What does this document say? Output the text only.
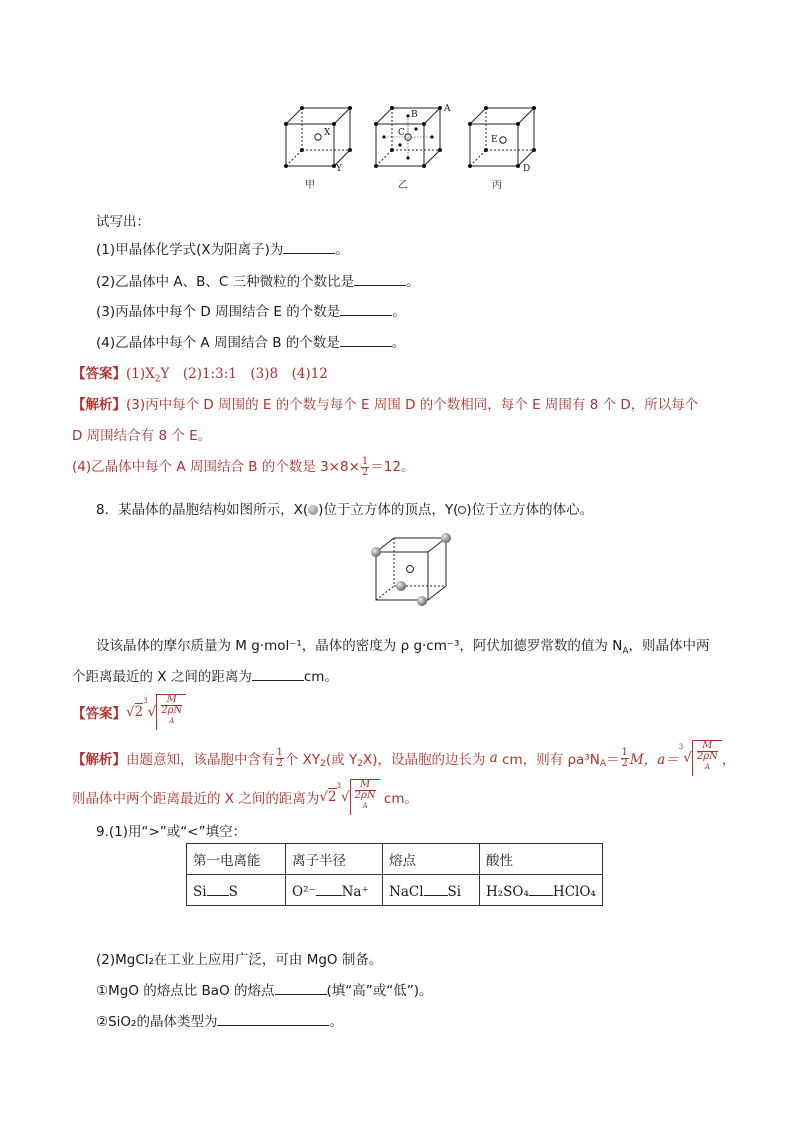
X
Y
甲
A
B
C
乙
E
D
丙
试写出：
(1)甲晶体化学式(X为阳离子)为	。
(2)乙晶体中 A、B、C 三种微粒的个数比是	。
(3)丙晶体中每个 D 周围结合 E 的个数是	。
(4)乙晶体中每个 A 周围结合 B 的个数是	。
【答案】$(1)X_2Y$　(2)1:3:1　(3)8　(4)12
【解析】(3)丙中每个 D 周围的 E 的个数与每个 E 周围 D 的个数相同，每个 E 周围有 8 个 D，所以每个
D 周围结合有 8 个 E。
(4)乙晶体中每个 A 周围结合 B 的个数是 $3\times 8\times \frac{1}{2} =12$。
8．某晶体的晶胞结构如图所示，X( )位于立方体的顶点，Y( )位于立方体的体心。
设该晶体的摩尔质量为 M g·mol⁻¹，晶体的密度为 ρ g·cm⁻³，阿伏加德罗常数的值为 $N_A$，则晶体中两
个距离最近的 X 之间的距离为	cm。
【答案】$√2^3√$ M
2ρN
$^A$
【解析】由题意知，该晶胞中含有 $\frac{1}{2}$ 个 $XY_2$(或 $Y_2X$)，设晶胞的边长为 a cm，则有 $\rho a^3N_A= \frac{1}{2}$ M，a＝$^3$√ M
2ρN
$^A$ ，
则晶体中两个距离最近的 X 之间的距离为$√2^3√$ M
2ρN
$^A$ cm。
9.(1)用“>”或“<”填空：
第一电离能	离子半径	熔点	酸性
Si S	O²⁻ Na⁺	NaCl Si	H₂SO₄ HClO₄
(2)MgCl₂在工业上应用广泛，可由 MgO 制备。
①MgO 的熔点比 BaO 的熔点	(填“高”或“低”)。
②SiO₂的晶体类型为	。
